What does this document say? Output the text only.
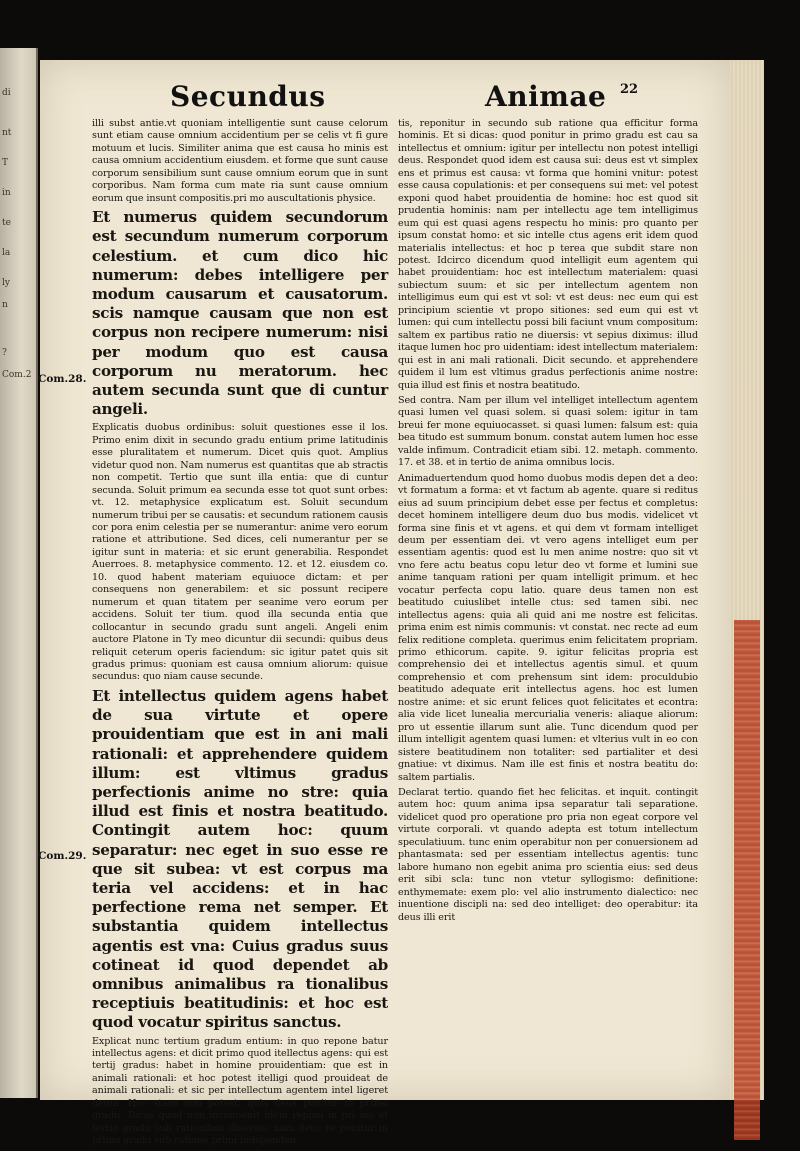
di
nt
T
in
te
la
ly
n
?
Com.2
Secundus	Animae 22
Com.28.
Com.29.

illi subst antie.vt quoniam intelligentie sunt cause celorum sunt etiam cause omnium accidentium per se celis vt fi gure motuum et lucis. Similiter anima que est causa ho minis est causa omnium accidentium eiusdem. et forme que sunt cause corporum sensibilium sunt cause omnium eorum que in sunt corporibus. Nam forma cum mate ria sunt cause omnium eorum que insunt compositis.pri mo auscultationis physice.

Et numerus quidem secundorum est secundum numerum corporum celestium. et cum dico hic numerum: debes intelligere per modum causarum et causatorum. scis namque causam que non est corpus non recipere numerum: nisi per modum quo est causa corporum nu meratorum. hec autem secunda sunt que di cuntur angeli.

Explicatis duobus ordinibus: soluit questiones esse il los. Primo enim dixit in secundo gradu entium prime latitudinis esse pluralitatem et numerum. Dicet quis quot. Amplius videtur quod non. Nam numerus est quantitas que ab stractis non competit. Tertio que sunt illa entia: que di cuntur secunda. Soluit primum ea secunda esse tot quot sunt orbes: vt. 12. metaphysice explicatum est. Soluit secundum numerum tribui per se causatis: et secundum rationem causis cor pora enim celestia per se numerantur: anime vero eorum ratione et attributione. Sed dices, celi numerantur per se igitur sunt in materia: et sic erunt generabilia. Respondet Auerroes. 8. metaphysice commento. 12. et 12. eiusdem co. 10. quod habent materiam equiuoce dictam: et per consequens non generabilem: et sic possunt recipere numerum et quan titatem per seanime vero eorum per accidens. Soluit ter tium. quod illa secunda entia que collocantur in secundo gradu sunt angeli. Angeli enim auctore Platone in Ty meo dicuntur dii secundi: quibus deus reliquit ceterum operis faciendum: sic igitur patet quis sit gradus primus: quoniam est causa omnium aliorum: quisue secundus: quo niam cause secunde.

Et intellectus quidem agens habet de sua virtute et opere prouidentiam que est in ani mali rationali: et apprehendere quidem illum: est vltimus gradus perfectionis anime no stre: quia illud est finis et nostra beatitudo. Contingit autem hoc: quum separatur: nec eget in suo esse re que sit subea: vt est corpus ma teria vel accidens: et in hac perfectione rema net semper. Et substantia quidem intellectus agentis est vna: Cuius gradus suus cotineat id quod dependet ab omnibus animalibus ra tionalibus receptiuis beatitudinis: et hoc est quod vocatur spiritus sanctus.

Explicat nunc tertium gradum entium: in quo repone batur intellectus agens: et dicit primo quod itellectus agens: qui est tertij gradus: habet in homine prouidentiam: que est in animali rationali: et hoc potest itelligi quod prouideat de animali rationali: et sic per intellectum agentem intel ligeret deum. Hoc stare non potest: quia deus ponitur in primo gradu. Dicas quod non inconuenit idem reponi in pri mo et tertio gradu sub rationibus diuersis: nam deus re ponitur in primo gradu sub ratione primi independen

tis, reponitur in secundo sub ratione qua efficitur forma hominis. Et si dicas: quod ponitur in primo gradu est cau sa intellectus et omnium: igitur per intellectu non potest intelligi deus. Respondet quod idem est causa sui: deus est vt simplex ens et primus est causa: vt forma que homini vnitur: potest esse causa copulationis: et per consequens sui met: vel potest exponi quod habet prouidentia de homine: hoc est quod sit prudentia hominis: nam per intellectu age tem intelligimus eum qui est quasi agens respectu ho minis: pro quanto per ipsum constat homo: et sic intelle ctus agens erit idem quod materialis intellectus: et hoc p terea que subdit stare non potest. Idcirco dicendum quod intelligit eum agentem qui habet prouidentiam: hoc est intellectum materialem: quasi subiectum suum: et sic per intellectum agentem non intelligimus eum qui est vt sol: vt est deus: nec eum qui est principium scientie vt propo sitiones: sed eum qui est vt lumen: qui cum intellectu possi bili faciunt vnum compositum: saltem ex partibus ratio ne diuersis: vt sepius diximus: illud itaque lumen hoc pro uidentiam: idest intellectum materialem: qui est in ani mali rationali. Dicit secundo. et apprehendere quidem il lum est vltimus gradus perfectionis anime nostre: quia illud est finis et nostra beatitudo.

Sed contra. Nam per illum vel intelliget intellectum agentem quasi lumen vel quasi solem. si quasi solem: igitur in tam breui fer mone equiuocasset. si quasi lumen: falsum est: quia bea titudo est summum bonum. constat autem lumen hoc esse valde infimum. Contradicit etiam sibi. 12. metaph. commento. 17. et 38. et in tertio de anima omnibus locis.

Animaduertendum quod homo duobus modis depen det a deo: vt formatum a forma: et vt factum ab agente. quare si reditus eius ad suum principium debet esse per fectus et completus: decet hominem intelligere deum duo bus modis. videlicet vt forma sine finis et vt agens. et qui dem vt formam intelliget deum per essentiam dei. vt vero agens intelliget eum per essentiam agentis: quod est lu men anime nostre: quo sit vt vno fere actu beatus copu letur deo vt forme et lumini sue anime tanquam rationi per quam intelligit primum. et hec vocatur perfecta copu latio. quare deus tamen non est beatitudo cuiuslibet intelle ctus: sed tamen sibi. nec intellectus agens: quia ali quid ani me nostre est felicitas. prima enim est nimis communis: vt constat. nec recte ad eum felix reditione completa. querimus enim felicitatem propriam. primo ethicorum. capite. 9. igitur felicitas propria est comprehensio dei et intellectus agentis simul. et quum comprehensio et com prehensum sint idem: proculdubio beatitudo adequate erit intellectus agens. hoc est lumen nostre anime: et sic erunt felices quot felicitates et econtra: alia vide licet lunealia mercurialia veneris: aliaque aliorum: pro ut essentie illarum sunt alie. Tunc dicendum quod per illum intelligit agentem quasi lumen: et vlterius vult in eo con sistere beatitudinem non totaliter: sed partialiter et desi gnatiue: vt diximus. Nam ille est finis et nostra beatitu do: saltem partialis.

Declarat tertio. quando fiet hec felicitas. et inquit. contingit autem hoc: quum anima ipsa separatur tali separatione. videlicet quod pro operatione pro pria non egeat corpore vel virtute corporali. vt quando adepta est totum intellectum speculatiuum. tunc enim operabitur non per conuersionem ad phantasmata: sed per essentiam intellectus agentis: tunc labore humano non egebit anima pro scientia eius: sed deus erit sibi scla: tunc non vtetur syllogismo: definitione: enthymemate: exem plo: vel alio instrumento dialectico: nec inuentione discipli na: sed deo intelliget: deo operabitur: ita deus illi erit
